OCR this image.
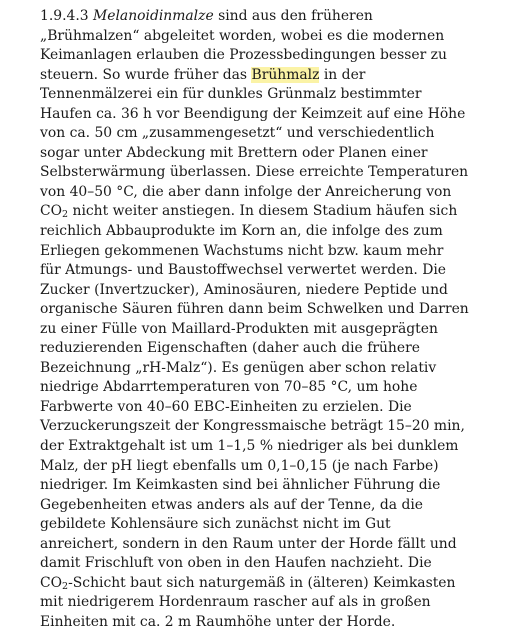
1.9.4.3 Melanoidinmalze sind aus den früheren
„Brühmalzen“ abgeleitet worden, wobei es die modernen
Keimanlagen erlauben die Prozessbedingungen besser zu
steuern. So wurde früher das Brühmalz in der
Tennenmälzerei ein für dunkles Grünmalz bestimmter
Haufen ca. 36 h vor Beendigung der Keimzeit auf eine Höhe
von ca. 50 cm „zusammengesetzt“ und verschiedentlich
sogar unter Abdeckung mit Brettern oder Planen einer
Selbsterwärmung überlassen. Diese erreichte Temperaturen
von 40–50 °C, die aber dann infolge der Anreicherung von
$CO_2$ nicht weiter anstiegen. In diesem Stadium häufen sich
reichlich Abbauprodukte im Korn an, die infolge des zum
Erliegen gekommenen Wachstums nicht bzw. kaum mehr
für Atmungs- und Baustoffwechsel verwertet werden. Die
Zucker (Invertzucker), Aminosäuren, niedere Peptide und
organische Säuren führen dann beim Schwelken und Darren
zu einer Fülle von Maillard-Produkten mit ausgeprägten
reduzierenden Eigenschaften (daher auch die frühere
Bezeichnung „rH-Malz“). Es genügen aber schon relativ
niedrige Abdarrtemperaturen von 70–85 °C, um hohe
Farbwerte von 40–60 EBC-Einheiten zu erzielen. Die
Verzuckerungszeit der Kongressmaische beträgt 15–20 min,
der Extraktgehalt ist um 1–1,5 % niedriger als bei dunklem
Malz, der pH liegt ebenfalls um 0,1–0,15 (je nach Farbe)
niedriger. Im Keimkasten sind bei ähnlicher Führung die
Gegebenheiten etwas anders als auf der Tenne, da die
gebildete Kohlensäure sich zunächst nicht im Gut
anreichert, sondern in den Raum unter der Horde fällt und
damit Frischluft von oben in den Haufen nachzieht. Die
$CO_2$-Schicht baut sich naturgemäß in (älteren) Keimkasten
mit niedrigerem Hordenraum rascher auf als in großen
Einheiten mit ca. 2 m Raumhöhe unter der Horde.
